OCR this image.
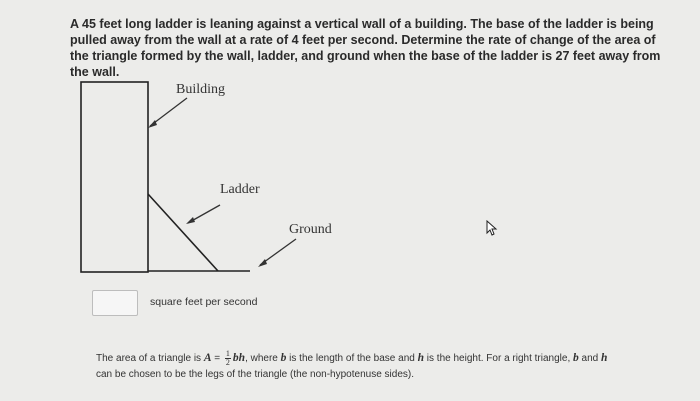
A 45 feet long ladder is leaning against a vertical wall of a building. The base of the ladder is being pulled away from the wall at a rate of 4 feet per second. Determine the rate of change of the area of the triangle formed by the wall, ladder, and ground when the base of the ladder is 27 feet away from the wall.
Building
Ladder
Ground
square feet per second
The area of a triangle is $A = \frac{1}{2}$ bh, where b is the length of the base and h is the height. For a right triangle, b and h can be chosen to be the legs of the triangle (the non-hypotenuse sides).
